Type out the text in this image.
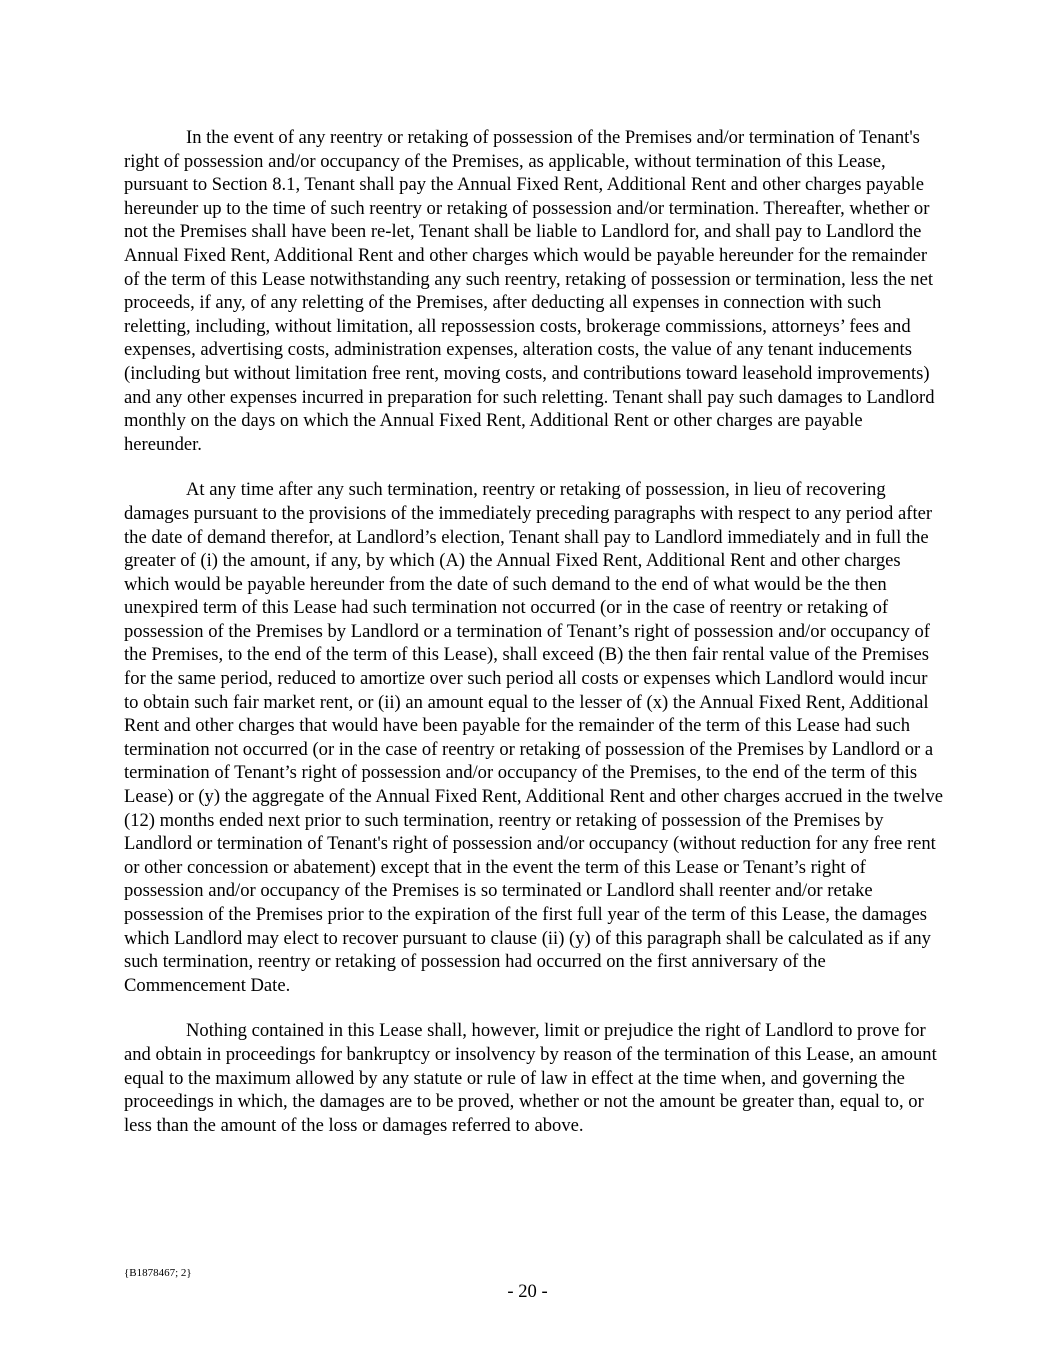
In the event of any reentry or retaking of possession of the Premises and/or termination of Tenant's right of possession and/or occupancy of the Premises, as applicable, without termination of this Lease, pursuant to Section 8.1, Tenant shall pay the Annual Fixed Rent, Additional Rent and other charges payable hereunder up to the time of such reentry or retaking of possession and/or termination. Thereafter, whether or not the Premises shall have been re-let, Tenant shall be liable to Landlord for, and shall pay to Landlord the Annual Fixed Rent, Additional Rent and other charges which would be payable hereunder for the remainder of the term of this Lease notwithstanding any such reentry, retaking of possession or termination, less the net proceeds, if any, of any reletting of the Premises, after deducting all expenses in connection with such reletting, including, without limitation, all repossession costs, brokerage commissions, attorneys’ fees and expenses, advertising costs, administration expenses, alteration costs, the value of any tenant inducements (including but without limitation free rent, moving costs, and contributions toward leasehold improvements) and any other expenses incurred in preparation for such reletting. Tenant shall pay such damages to Landlord monthly on the days on which the Annual Fixed Rent, Additional Rent or other charges are payable hereunder.

At any time after any such termination, reentry or retaking of possession, in lieu of recovering damages pursuant to the provisions of the immediately preceding paragraphs with respect to any period after the date of demand therefor, at Landlord’s election, Tenant shall pay to Landlord immediately and in full the greater of (i) the amount, if any, by which (A) the Annual Fixed Rent, Additional Rent and other charges which would be payable hereunder from the date of such demand to the end of what would be the then unexpired term of this Lease had such termination not occurred (or in the case of reentry or retaking of possession of the Premises by Landlord or a termination of Tenant’s right of possession and/or occupancy of the Premises, to the end of the term of this Lease), shall exceed (B) the then fair rental value of the Premises for the same period, reduced to amortize over such period all costs or expenses which Landlord would incur to obtain such fair market rent, or (ii) an amount equal to the lesser of (x) the Annual Fixed Rent, Additional Rent and other charges that would have been payable for the remainder of the term of this Lease had such termination not occurred (or in the case of reentry or retaking of possession of the Premises by Landlord or a termination of Tenant’s right of possession and/or occupancy of the Premises, to the end of the term of this Lease) or (y) the aggregate of the Annual Fixed Rent, Additional Rent and other charges accrued in the twelve (12) months ended next prior to such termination, reentry or retaking of possession of the Premises by Landlord or termination of Tenant's right of possession and/or occupancy (without reduction for any free rent or other concession or abatement) except that in the event the term of this Lease or Tenant’s right of possession and/or occupancy of the Premises is so terminated or Landlord shall reenter and/or retake possession of the Premises prior to the expiration of the first full year of the term of this Lease, the damages which Landlord may elect to recover pursuant to clause (ii) (y) of this paragraph shall be calculated as if any such termination, reentry or retaking of possession had occurred on the first anniversary of the Commencement Date.

Nothing contained in this Lease shall, however, limit or prejudice the right of Landlord to prove for and obtain in proceedings for bankruptcy or insolvency by reason of the termination of this Lease, an amount equal to the maximum allowed by any statute or rule of law in effect at the time when, and governing the proceedings in which, the damages are to be proved, whether or not the amount be greater than, equal to, or less than the amount of the loss or damages referred to above.

{B1878467; 2}
- 20 -
